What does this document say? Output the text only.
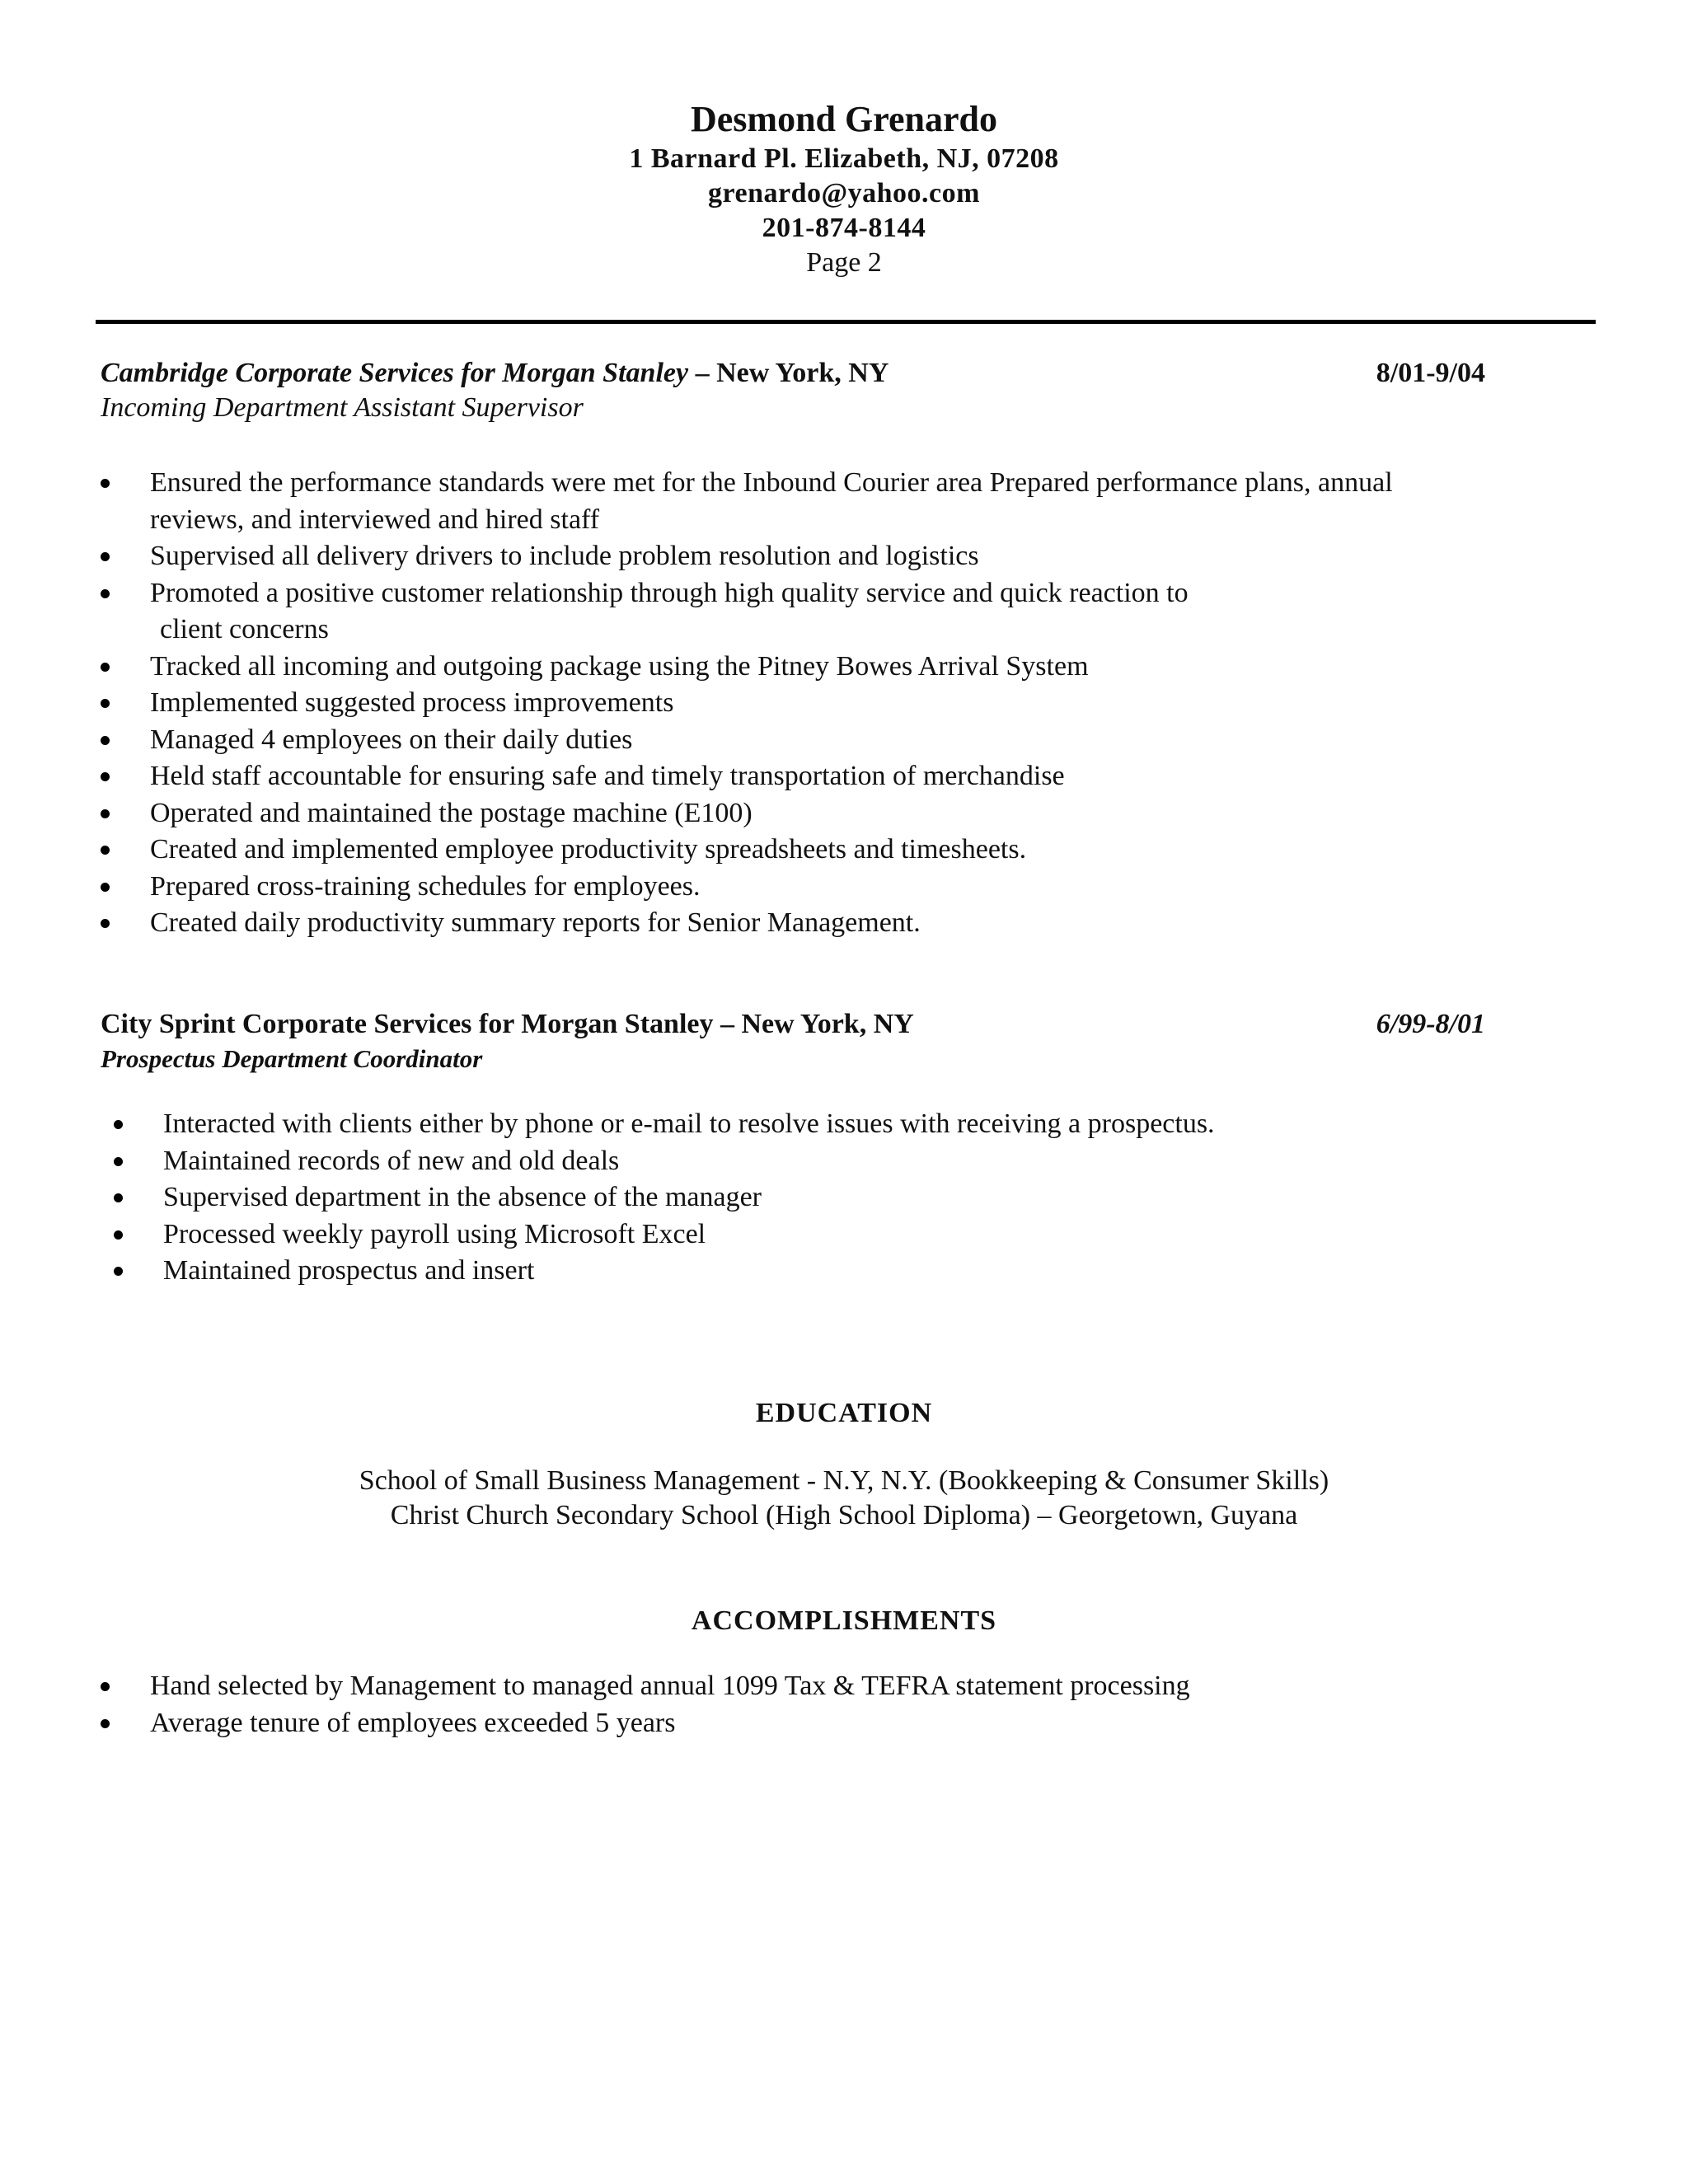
Desmond Grenardo
1 Barnard Pl. Elizabeth, NJ, 07208
grenardo@yahoo.com
201-874-8144
Page 2
Cambridge Corporate Services for Morgan Stanley – New York, NY	8/01-9/04
Incoming Department Assistant Supervisor
Ensured the performance standards were met for the Inbound Courier area Prepared performance plans, annual
reviews, and interviewed and hired staff
Supervised all delivery drivers to include problem resolution and logistics
Promoted a positive customer relationship through high quality service and quick reaction to
client concerns
Tracked all incoming and outgoing package using the Pitney Bowes Arrival System
Implemented suggested process improvements
Managed 4 employees on their daily duties
Held staff accountable for ensuring safe and timely transportation of merchandise
Operated and maintained the postage machine (E100)
Created and implemented employee productivity spreadsheets and timesheets.
Prepared cross-training schedules for employees.
Created daily productivity summary reports for Senior Management.
City Sprint Corporate Services for Morgan Stanley – New York, NY	6/99-8/01
Prospectus Department Coordinator
Interacted with clients either by phone or e-mail to resolve issues with receiving a prospectus.
Maintained records of new and old deals
Supervised department in the absence of the manager
Processed weekly payroll using Microsoft Excel
Maintained prospectus and insert
EDUCATION
School of Small Business Management - N.Y, N.Y. (Bookkeeping & Consumer Skills)
Christ Church Secondary School (High School Diploma) – Georgetown, Guyana
ACCOMPLISHMENTS
Hand selected by Management to managed annual 1099 Tax & TEFRA statement processing
Average tenure of employees exceeded 5 years
